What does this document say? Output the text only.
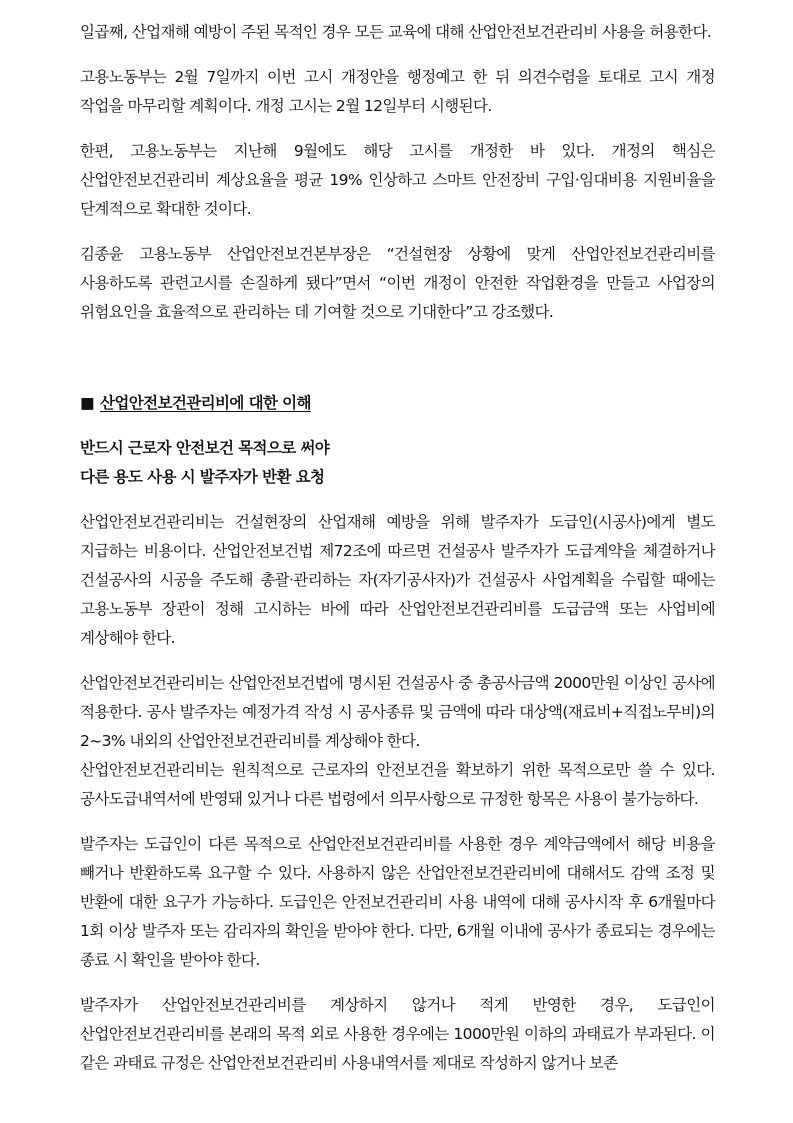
일곱째, 산업재해 예방이 주된 목적인 경우 모든 교육에 대해 산업안전보건관리비 사용을 허용한다.

고용노동부는 2월 7일까지 이번 고시 개정안을 행정예고 한 뒤 의견수렴을 토대로 고시 개정 작업을 마무리할 계획이다. 개정 고시는 2월 12일부터 시행된다.

한편, 고용노동부는 지난해 9월에도 해당 고시를 개정한 바 있다. 개정의 핵심은 산업안전보건관리비 계상요율을 평균 19% 인상하고 스마트 안전장비 구입·임대비용 지원비율을 단계적으로 확대한 것이다.

김종윤 고용노동부 산업안전보건본부장은 “건설현장 상황에 맞게 산업안전보건관리비를 사용하도록 관련고시를 손질하게 됐다”면서 “이번 개정이 안전한 작업환경을 만들고 사업장의 위험요인을 효율적으로 관리하는 데 기여할 것으로 기대한다”고 강조했다.

■ 산업안전보건관리비에 대한 이해

반드시 근로자 안전보건 목적으로 써야

다른 용도 사용 시 발주자가 반환 요청

산업안전보건관리비는 건설현장의 산업재해 예방을 위해 발주자가 도급인(시공사)에게 별도 지급하는 비용이다. 산업안전보건법 제72조에 따르면 건설공사 발주자가 도급계약을 체결하거나 건설공사의 시공을 주도해 총괄·관리하는 자(자기공사자)가 건설공사 사업계획을 수립할 때에는 고용노동부 장관이 정해 고시하는 바에 따라 산업안전보건관리비를 도급금액 또는 사업비에 계상해야 한다.

산업안전보건관리비는 산업안전보건법에 명시된 건설공사 중 총공사금액 2000만원 이상인 공사에 적용한다. 공사 발주자는 예정가격 작성 시 공사종류 및 금액에 따라 대상액(재료비+직접노무비)의 2~3% 내외의 산업안전보건관리비를 계상해야 한다.

산업안전보건관리비는 원칙적으로 근로자의 안전보건을 확보하기 위한 목적으로만 쓸 수 있다. 공사도급내역서에 반영돼 있거나 다른 법령에서 의무사항으로 규정한 항목은 사용이 불가능하다.

발주자는 도급인이 다른 목적으로 산업안전보건관리비를 사용한 경우 계약금액에서 해당 비용을 빼거나 반환하도록 요구할 수 있다. 사용하지 않은 산업안전보건관리비에 대해서도 감액 조정 및 반환에 대한 요구가 가능하다. 도급인은 안전보건관리비 사용 내역에 대해 공사시작 후 6개월마다 1회 이상 발주자 또는 감리자의 확인을 받아야 한다. 다만, 6개월 이내에 공사가 종료되는 경우에는 종료 시 확인을 받아야 한다.

발주자가 산업안전보건관리비를 계상하지 않거나 적게 반영한 경우, 도급인이 산업안전보건관리비를 본래의 목적 외로 사용한 경우에는 1000만원 이하의 과태료가 부과된다. 이 같은 과태료 규정은 산업안전보건관리비 사용내역서를 제대로 작성하지 않거나 보존
